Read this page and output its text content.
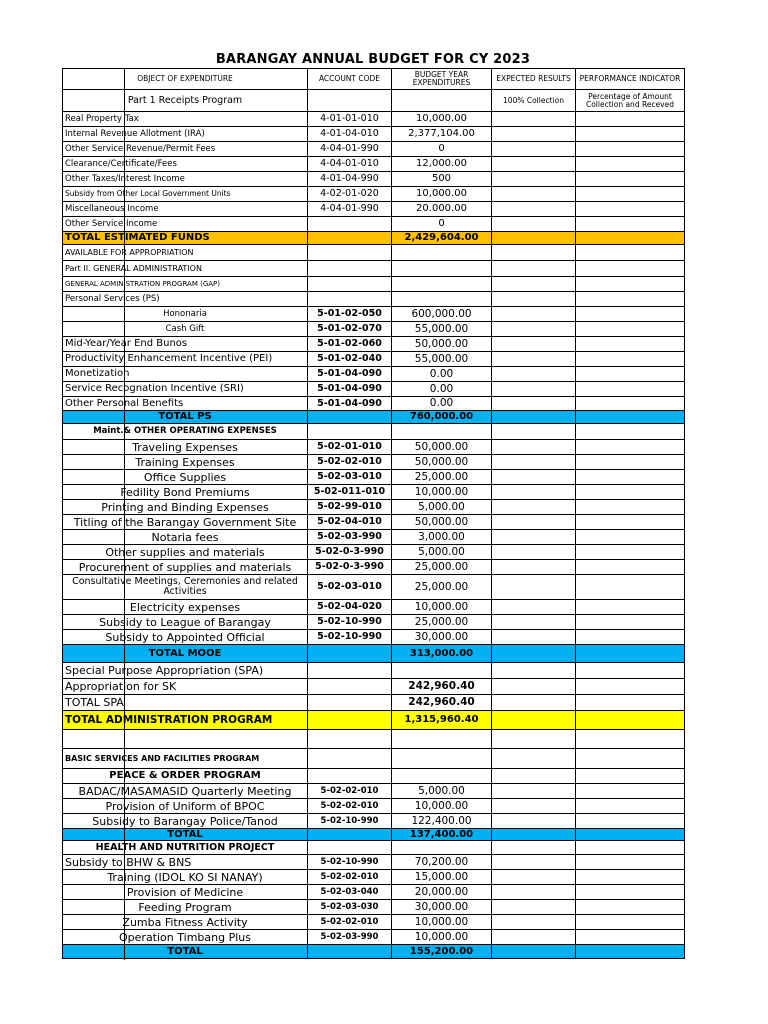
BARANGAY ANNUAL BUDGET FOR CY 2023
OBJECT OF EXPENDITURE	ACCOUNT CODE	BUDGET YEAR EXPENDITURES	EXPECTED RESULTS	PERFORMANCE INDICATOR
Part 1 Receipts Program			100% Collection	Percentage of Amount Collection and Receved
Real Property Tax	4-01-01-010	10,000.00		
Internal Revenue Allotment (IRA)	4-01-04-010	2,377,104.00		
Other Service Revenue/Permit Fees	4-04-01-990	0		
Clearance/Certificate/Fees	4-04-01-010	12,000.00		
Other Taxes/Interest Income	4-01-04-990	500		
Subsidy from Other Local Government Units	4-02-01-020	10,000.00		
Miscellaneous Income	4-04-01-990	20.000.00		
Other Service Income		0		
TOTAL ESTIMATED FUNDS		2,429,604.00		
AVAILABLE FOR APPROPRIATION				
Part II. GENERAL ADMINISTRATION				
GENERAL ADMINISTRATION PROGRAM (GAP)				
Personal Services (PS)				
Hononaria	5-01-02-050	600,000.00		
Cash Gift	5-01-02-070	55,000.00		
Mid-Year/Year End Bunos	5-01-02-060	50,000.00		
Productivity Enhancement Incentive (PEI)	5-01-02-040	55,000.00		
Monetization	5-01-04-090	0.00		
Service Recognation Incentive (SRI)	5-01-04-090	0.00		
Other Personal Benefits	5-01-04-090	0.00		
TOTAL PS		760,000.00		
Maint.& OTHER OPERATING EXPENSES				
Traveling Expenses	5-02-01-010	50,000.00		
Training Expenses	5-02-02-010	50,000.00		
Office Supplies	5-02-03-010	25,000.00		
Fedility Bond Premiums	5-02-011-010	10,000.00		
Printing and Binding Expenses	5-02-99-010	5,000.00		
Titling of the Barangay Government Site	5-02-04-010	50,000.00		
Notaria fees	5-02-03-990	3,000.00		
Other supplies and materials	5-02-0-3-990	5,000.00		
Procurement of supplies and materials	5-02-0-3-990	25,000.00		
Consultative Meetings, Ceremonies and related Activities	5-02-03-010	25,000.00		
Electricity expenses	5-02-04-020	10,000.00		
Subsidy to League of Barangay	5-02-10-990	25,000.00		
Subsidy to Appointed Official	5-02-10-990	30,000.00		
TOTAL MOOE		313,000.00		
Special Purpose Appropriation (SPA)				
Appropriation for SK		242,960.40		
TOTAL SPA		242,960.40		
TOTAL ADMINISTRATION PROGRAM		1,315,960.40		

BASIC SERVICES AND FACILITIES PROGRAM				
PEACE & ORDER PROGRAM				
BADAC/MASAMASID Quarterly Meeting	5-02-02-010	5,000.00		
Provision of Uniform of BPOC	5-02-02-010	10,000.00		
Subsidy to Barangay Police/Tanod	5-02-10-990	122,400.00		
TOTAL		137,400.00		
HEALTH AND NUTRITION PROJECT				
Subsidy to BHW & BNS	5-02-10-990	70,200.00		
Training (IDOL KO SI NANAY)	5-02-02-010	15,000.00		
Provision of Medicine	5-02-03-040	20,000.00		
Feeding Program	5-02-03-030	30,000.00		
Zumba Fitness Activity	5-02-02-010	10,000.00		
Operation Timbang Plus	5-02-03-990	10,000.00		
TOTAL		155,200.00		
